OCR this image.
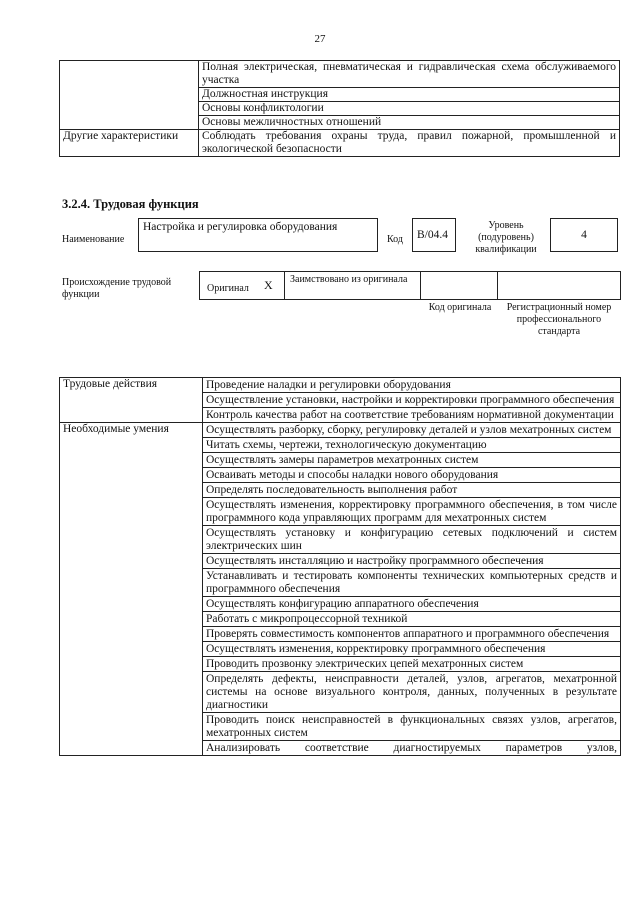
27
	Полная электрическая, пневматическая и гидравлическая схема обслуживаемого участка
	Должностная инструкция
	Основы конфликтологии
	Основы межличностных отношений
Другие характеристики	Соблюдать требования охраны труда, правил пожарной, промышленной и экологической безопасности
3.2.4. Трудовая функция
Наименование
Настройка и регулировка оборудования
Код	B/04.4
Уровень (подуровень) квалификации
4
Происхождение трудовой функции
Оригинал X Заимствовано из оригинала
Код оригинала	Регистрационный номер профессионального стандарта
Трудовые действия	Проведение наладки и регулировки оборудования
	Осуществление установки, настройки и корректировки программного обеспечения
	Контроль качества работ на соответствие требованиям нормативной документации
Необходимые умения	Осуществлять разборку, сборку, регулировку деталей и узлов мехатронных систем
	Читать схемы, чертежи, технологическую документацию
	Осуществлять замеры параметров мехатронных систем
	Осваивать методы и способы наладки нового оборудования
	Определять последовательность выполнения работ
	Осуществлять изменения, корректировку программного обеспечения, в том числе программного кода управляющих программ для мехатронных систем
	Осуществлять установку и конфигурацию сетевых подключений и систем электрических шин
	Осуществлять инсталляцию и настройку программного обеспечения
	Устанавливать и тестировать компоненты технических компьютерных средств и программного обеспечения
	Осуществлять конфигурацию аппаратного обеспечения
	Работать с микропроцессорной техникой
	Проверять совместимость компонентов аппаратного и программного обеспечения
	Осуществлять изменения, корректировку программного обеспечения
	Проводить прозвонку электрических цепей мехатронных систем
	Определять дефекты, неисправности деталей, узлов, агрегатов, мехатронной системы на основе визуального контроля, данных, полученных в результате диагностики
	Проводить поиск неисправностей в функциональных связях узлов, агрегатов, мехатронных систем
	Анализировать соответствие диагностируемых параметров узлов,
